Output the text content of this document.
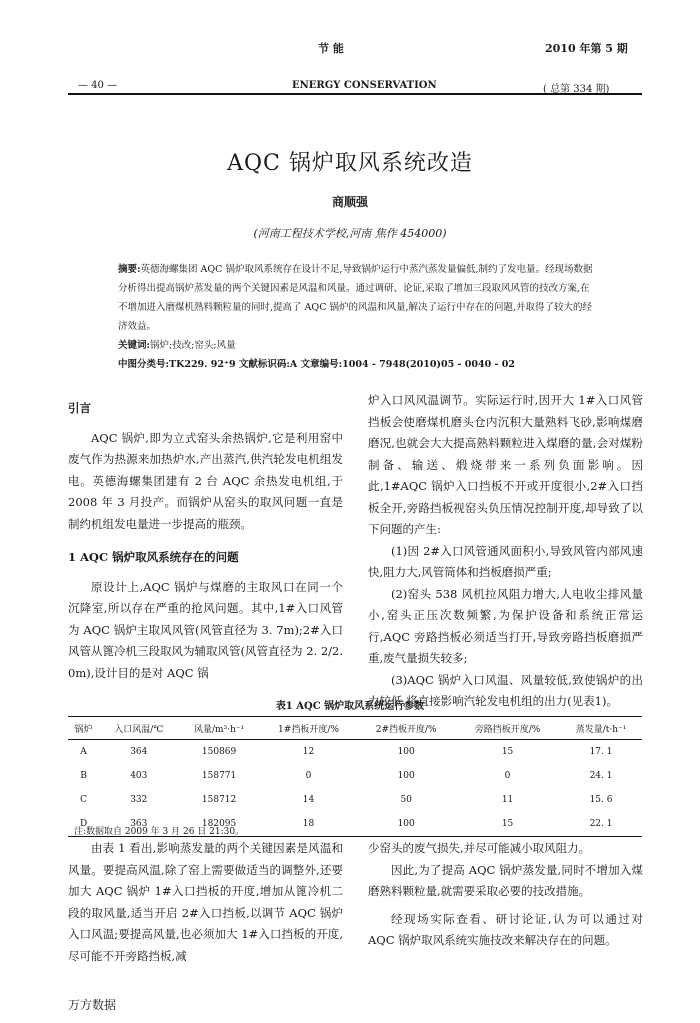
节 能	2010 年第 5 期
— 40 —	ENERGY CONSERVATION	( 总第 334 期)
AQC 锅炉取风系统改造
商顺强
(河南工程技术学校,河南 焦作 454000)

摘要:英德海螺集团 AQC 锅炉取风系统存在设计不足,导致锅炉运行中蒸汽蒸发量偏低,制约了发电量。经现场数据分析得出提高锅炉蒸发量的两个关键因素是风温和风量。通过调研、论证,采取了增加三段取风风管的技改方案,在不增加进入磨煤机熟料颗粒量的同时,提高了 AQC 锅炉的风温和风量,解决了运行中存在的问题,并取得了较大的经济效益。

关键词:锅炉;技改;窑头;风量

中图分类号:TK229. 92⁺9 文献标识码:A 文章编号:1004 - 7948(2010)05 - 0040 - 02

引言

AQC 锅炉,即为立式窑头余热锅炉,它是利用窑中废气作为热源来加热炉水,产出蒸汽,供汽轮发电机组发电。英德海螺集团建有 2 台 AQC 余热发电机组,于 2008 年 3 月投产。而锅炉从窑头的取风问题一直是制约机组发电量进一步提高的瓶颈。

1 AQC 锅炉取风系统存在的问题

原设计上,AQC 锅炉与煤磨的主取风口在同一个沉降室,所以存在严重的抢风问题。其中,1#入口风管为 AQC 锅炉主取风风管(风管直径为 3. 7m);2#入口风管从篦冷机三段取风为辅取风管(风管直径为 2. 2/2. 0m),设计目的是对 AQC 锅

炉入口风风温调节。实际运行时,因开大 1#入口风管挡板会使磨煤机磨头仓内沉积大量熟料飞砂,影响煤磨磨况,也就会大大提高熟料颗粒进入煤磨的量,会对煤粉制备、输送、煅烧带来一系列负面影响。因此,1#AQC 锅炉入口挡板不开或开度很小,2#入口挡板全开,旁路挡板视窑头负压情况控制开度,却导致了以下问题的产生:

(1)因 2#入口风管通风面积小,导致风管内部风速快,阻力大,风管筒体和挡板磨损严重;

(2)窑头 538 风机拉风阻力增大,人电收尘排风量小,窑头正压次数频繁,为保护设备和系统正常运行,AQC 旁路挡板必须适当打开,导致旁路挡板磨损严重,废气量损失较多;

(3)AQC 锅炉入口风温、风量较低,致使锅炉的出力较低,将直接影响汽轮发电机组的出力(见表1)。

表1 AQC 锅炉取风系统运行参数
锅炉	入口风温/℃	风量/m³·h⁻¹	1#挡板开度/%	2#挡板开度/%	旁路挡板开度/%	蒸发量/t·h⁻¹
A	364	150869	12	100	15	17. 1
B	403	158771	0	100	0	24. 1
C	332	158712	14	50	11	15. 6
D	363	182095	18	100	15	22. 1
注:数据取自 2009 年 3 月 26 日 21:30。

由表 1 看出,影响蒸发量的两个关键因素是风温和风量。要提高风温,除了窑上需要做适当的调整外,还要加大 AQC 锅炉 1#入口挡板的开度,增加从篦冷机二段的取风量,适当开启 2#入口挡板,以调节 AQC 锅炉入口风温;要提高风量,也必须加大 1#入口挡板的开度,尽可能不开旁路挡板,减

少窑头的废气损失,并尽可能减小取风阻力。

因此,为了提高 AQC 锅炉蒸发量,同时不增加入煤磨熟料颗粒量,就需要采取必要的技改措施。

经现场实际查看、研讨论证,认为可以通过对 AQC 锅炉取风系统实施技改来解决存在的问题。

万方数据
